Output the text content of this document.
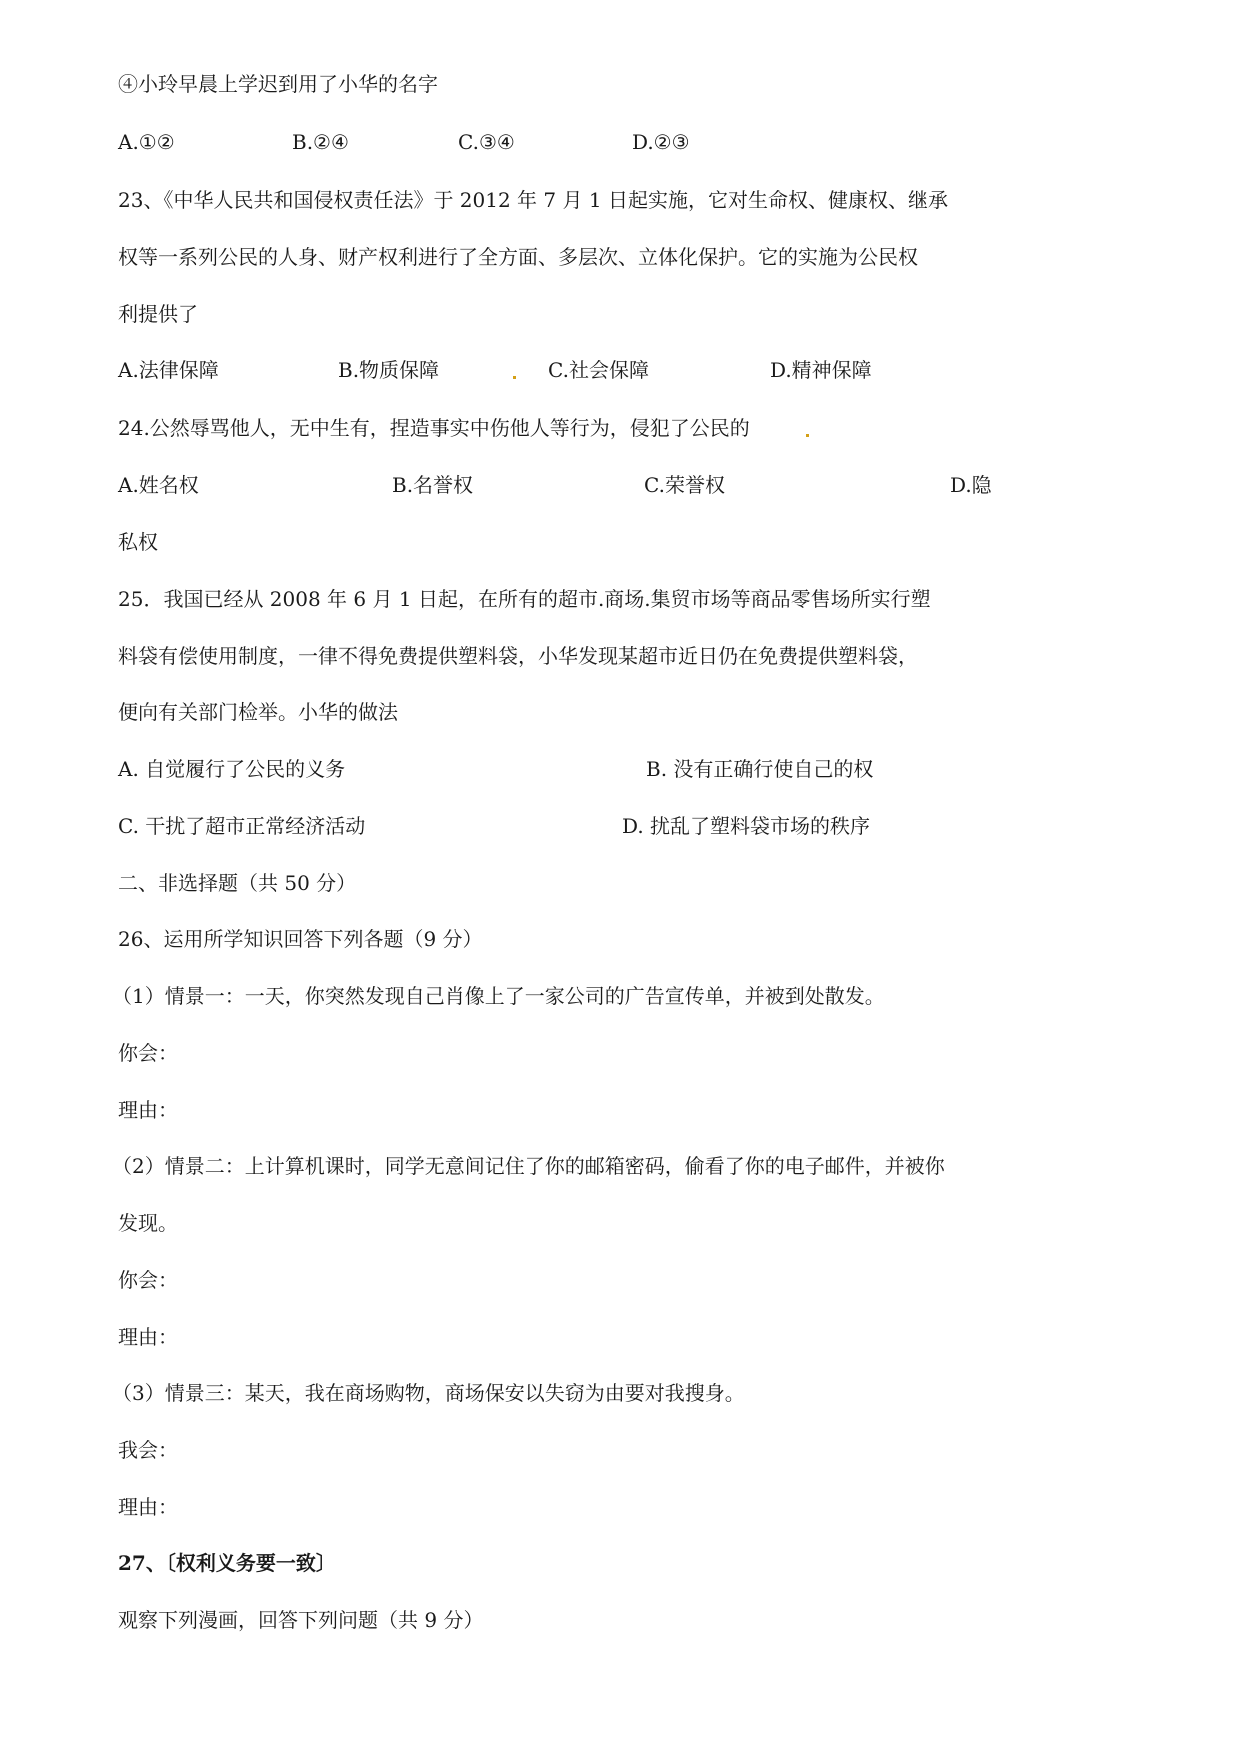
④小玲早晨上学迟到用了小华的名字
A.①②	B.②④	C.③④	D.②③
23、《中华人民共和国侵权责任法》于 2012 年 7 月 1 日起实施，它对生命权、健康权、继承
权等一系列公民的人身、财产权利进行了全方面、多层次、立体化保护。它的实施为公民权
利提供了
A.法律保障	B.物质保障	C.社会保障	D.精神保障
24.公然辱骂他人，无中生有，捏造事实中伤他人等行为，侵犯了公民的
A.姓名权	B.名誉权	C.荣誉权	D.隐
私权
25．我国已经从 2008 年 6 月 1 日起，在所有的超市.商场.集贸市场等商品零售场所实行塑
料袋有偿使用制度，一律不得免费提供塑料袋，小华发现某超市近日仍在免费提供塑料袋，
便向有关部门检举。小华的做法
A. 自觉履行了公民的义务	B. 没有正确行使自己的权
C. 干扰了超市正常经济活动	D. 扰乱了塑料袋市场的秩序
二、非选择题（共 50 分）
26、运用所学知识回答下列各题（9 分）
（1）情景一：一天，你突然发现自己肖像上了一家公司的广告宣传单，并被到处散发。
你会：
理由：
（2）情景二：上计算机课时，同学无意间记住了你的邮箱密码，偷看了你的电子邮件，并被你
发现。
你会：
理由：
（3）情景三：某天，我在商场购物，商场保安以失窃为由要对我搜身。
我会：
理由：
27、〔权利义务要一致〕
观察下列漫画，回答下列问题（共 9 分）
